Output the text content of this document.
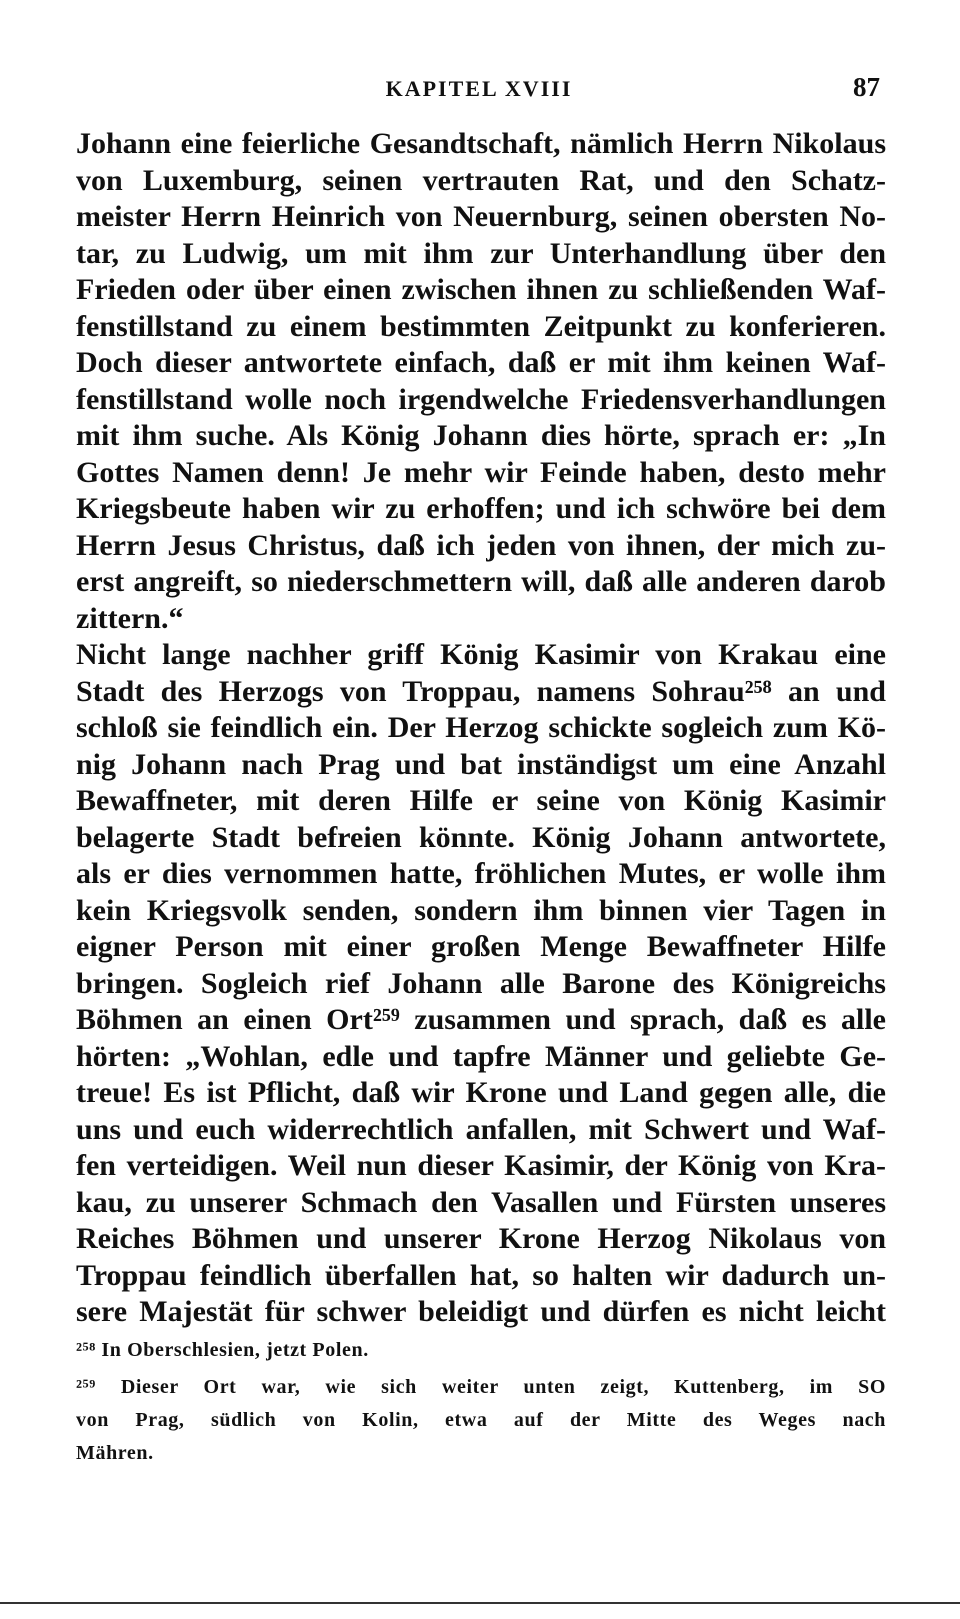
KAPITEL XVIII	87
Johann eine feierliche Gesandtschaft, nämlich Herrn Nikolaus
von Luxemburg, seinen vertrauten Rat, und den Schatz-
meister Herrn Heinrich von Neuernburg, seinen obersten No-
tar, zu Ludwig, um mit ihm zur Unterhandlung über den
Frieden oder über einen zwischen ihnen zu schließenden Waf-
fenstillstand zu einem bestimmten Zeitpunkt zu konferieren.
Doch dieser antwortete einfach, daß er mit ihm keinen Waf-
fenstillstand wolle noch irgendwelche Friedensverhandlungen
mit ihm suche. Als König Johann dies hörte, sprach er: „In
Gottes Namen denn! Je mehr wir Feinde haben, desto mehr
Kriegsbeute haben wir zu erhoffen; und ich schwöre bei dem
Herrn Jesus Christus, daß ich jeden von ihnen, der mich zu-
erst angreift, so niederschmettern will, daß alle anderen darob
zittern.“
Nicht lange nachher griff König Kasimir von Krakau eine
Stadt des Herzogs von Troppau, namens Sohrau²⁵⁸ an und
schloß sie feindlich ein. Der Herzog schickte sogleich zum Kö-
nig Johann nach Prag und bat inständigst um eine Anzahl
Bewaffneter, mit deren Hilfe er seine von König Kasimir
belagerte Stadt befreien könnte. König Johann antwortete,
als er dies vernommen hatte, fröhlichen Mutes, er wolle ihm
kein Kriegsvolk senden, sondern ihm binnen vier Tagen in
eigner Person mit einer großen Menge Bewaffneter Hilfe
bringen. Sogleich rief Johann alle Barone des Königreichs
Böhmen an einen Ort²⁵⁹ zusammen und sprach, daß es alle
hörten: „Wohlan, edle und tapfre Männer und geliebte Ge-
treue! Es ist Pflicht, daß wir Krone und Land gegen alle, die
uns und euch widerrechtlich anfallen, mit Schwert und Waf-
fen verteidigen. Weil nun dieser Kasimir, der König von Kra-
kau, zu unserer Schmach den Vasallen und Fürsten unseres
Reiches Böhmen und unserer Krone Herzog Nikolaus von
Troppau feindlich überfallen hat, so halten wir dadurch un-
sere Majestät für schwer beleidigt und dürfen es nicht leicht
²⁵⁸ In Oberschlesien, jetzt Polen.
²⁵⁹ Dieser Ort war, wie sich weiter unten zeigt, Kuttenberg, im SO
von Prag, südlich von Kolin, etwa auf der Mitte des Weges nach
Mähren.
